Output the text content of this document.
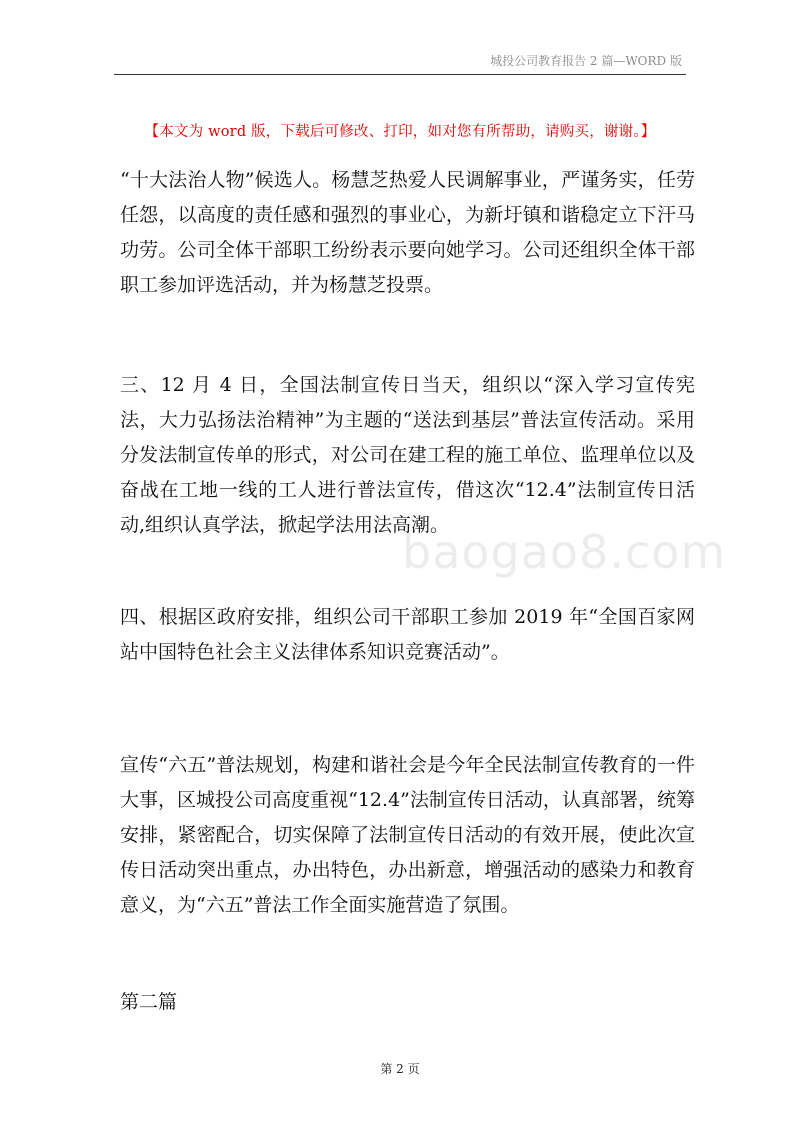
城投公司教育报告 2 篇—WORD 版
【本文为 word 版，下载后可修改、打印，如对您有所帮助，请购买，谢谢。】

“十大法治人物”候选人。杨慧芝热爱人民调解事业，严谨务实，任劳任怨，以高度的责任感和强烈的事业心，为新圩镇和谐稳定立下汗马功劳。公司全体干部职工纷纷表示要向她学习。公司还组织全体干部职工参加评选活动，并为杨慧芝投票。

三、12 月 4 日，全国法制宣传日当天，组织以“深入学习宣传宪法，大力弘扬法治精神”为主题的“送法到基层”普法宣传活动。采用分发法制宣传单的形式，对公司在建工程的施工单位、监理单位以及奋战在工地一线的工人进行普法宣传，借这次“12.4”法制宣传日活动,组织认真学法，掀起学法用法高潮。

四、根据区政府安排，组织公司干部职工参加 2019 年“全国百家网站中国特色社会主义法律体系知识竞赛活动”。

宣传“六五”普法规划，构建和谐社会是今年全民法制宣传教育的一件大事，区城投公司高度重视“12.4”法制宣传日活动，认真部署，统筹安排，紧密配合，切实保障了法制宣传日活动的有效开展，使此次宣传日活动突出重点，办出特色，办出新意，增强活动的感染力和教育意义，为“六五”普法工作全面实施营造了氛围。

第二篇

baogao8.com
第 2 页
